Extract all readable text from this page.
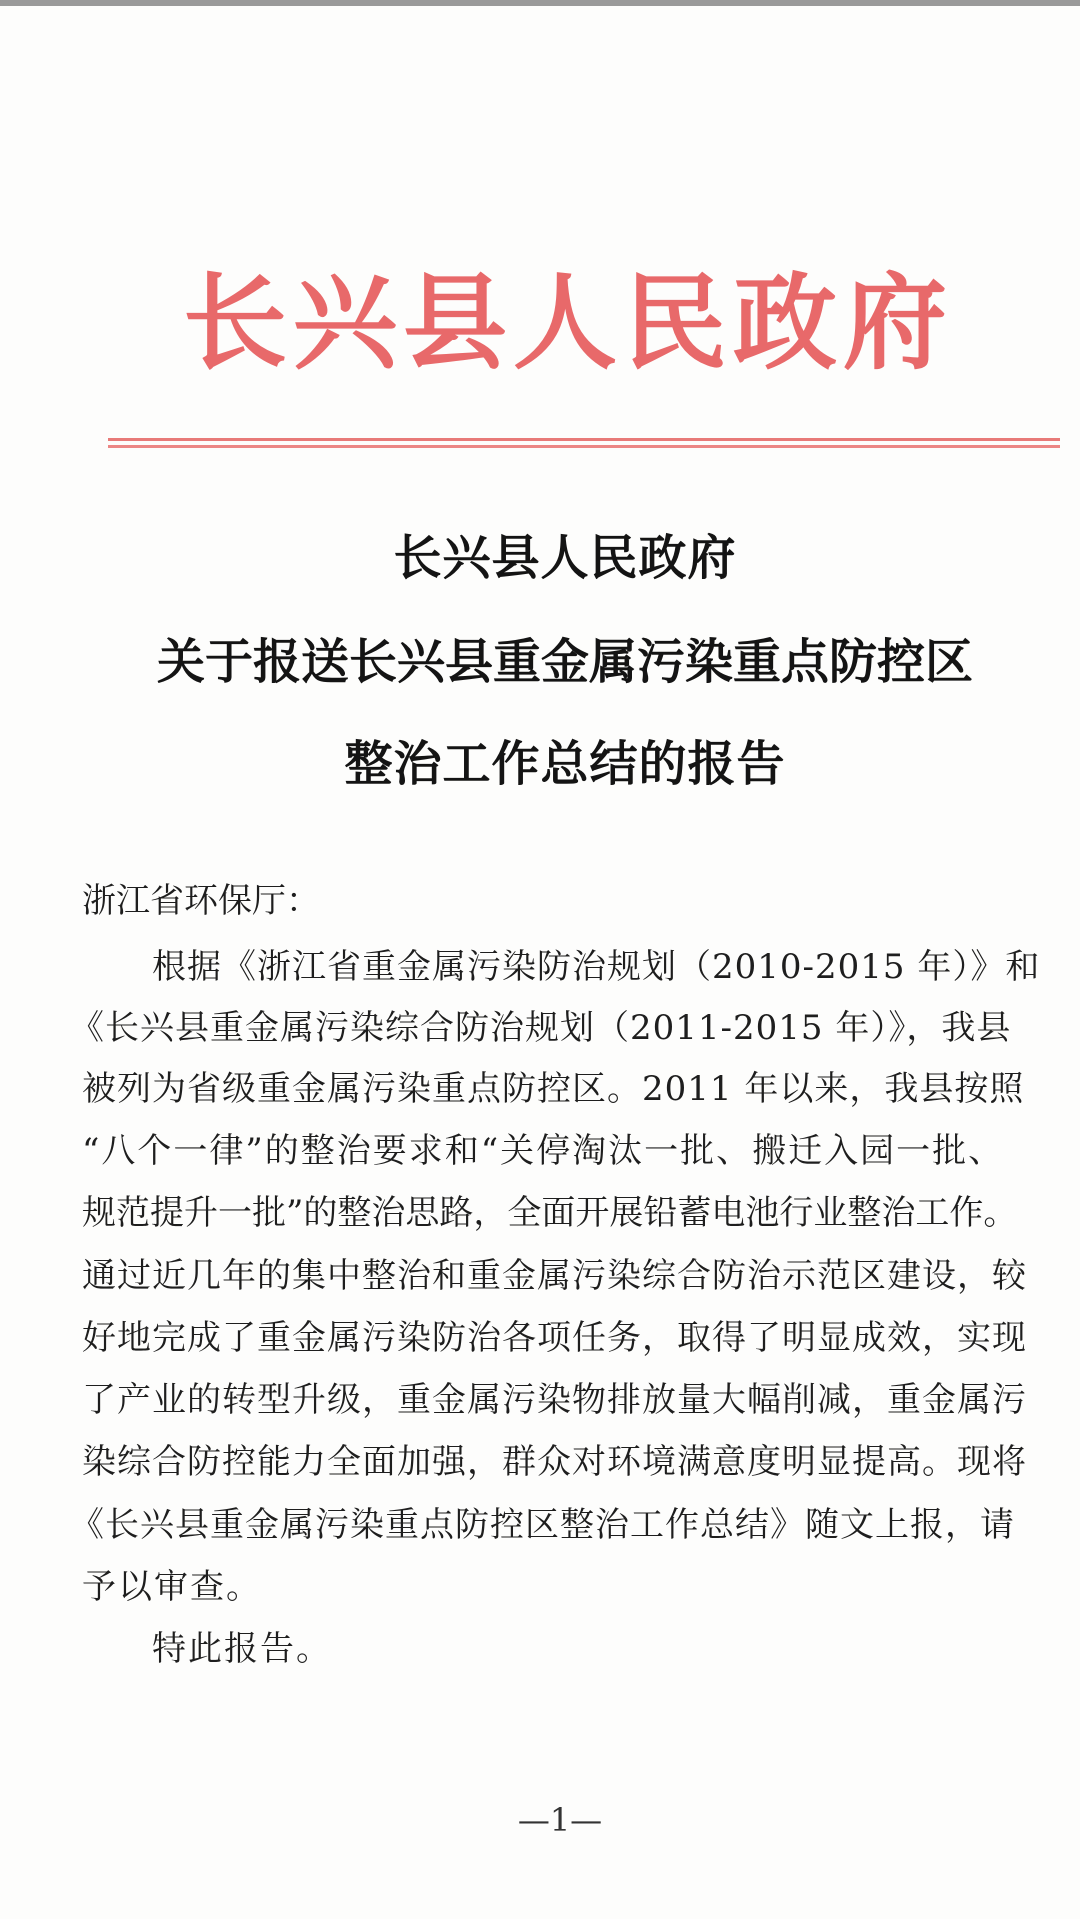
长兴县人民政府
长兴县人民政府
关于报送长兴县重金属污染重点防控区
整治工作总结的报告
浙江省环保厅：
根据《浙江省重金属污染防治规划（2010-2015 年）》和
《长兴县重金属污染综合防治规划（2011-2015 年）》，我县
被列为省级重金属污染重点防控区。2011 年以来，我县按照
“八个一律”的整治要求和“关停淘汰一批、搬迁入园一批、
规范提升一批”的整治思路，全面开展铅蓄电池行业整治工作。
通过近几年的集中整治和重金属污染综合防治示范区建设，较
好地完成了重金属污染防治各项任务，取得了明显成效，实现
了产业的转型升级，重金属污染物排放量大幅削减，重金属污
染综合防控能力全面加强，群众对环境满意度明显提高。现将
《长兴县重金属污染重点防控区整治工作总结》随文上报，请
予以审查。
特此报告。
—1—
